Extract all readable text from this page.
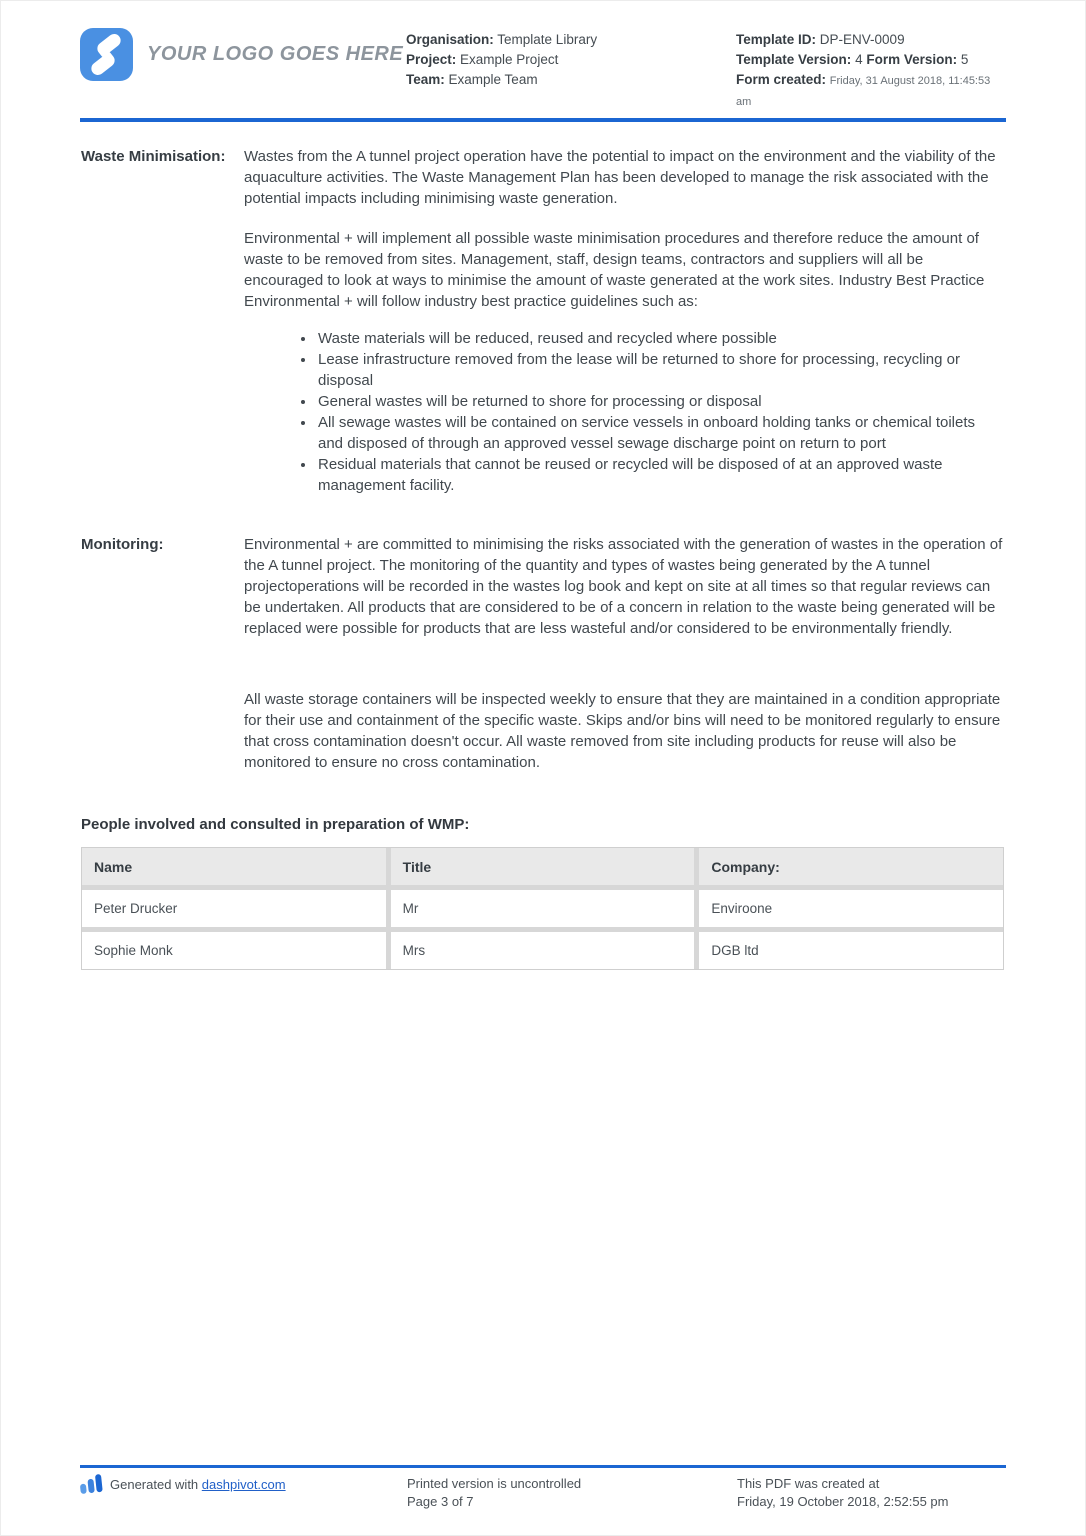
YOUR LOGO GOES HERE
Organisation: Template Library
Project: Example Project
Team: Example Team
Template ID: DP-ENV-0009
Template Version: 4 Form Version: 5
Form created: Friday, 31 August 2018, 11:45:53 am
Waste Minimisation:	Wastes from the A tunnel project operation have the potential to impact on the environment and the viability of the aquaculture activities. The Waste Management Plan has been developed to manage the risk associated with the potential impacts including minimising waste generation.

Environmental + will implement all possible waste minimisation procedures and therefore reduce the amount of waste to be removed from sites. Management, staff, design teams, contractors and suppliers will all be encouraged to look at ways to minimise the amount of waste generated at the work sites. Industry Best Practice Environmental + will follow industry best practice guidelines such as:

• Waste materials will be reduced, reused and recycled where possible
• Lease infrastructure removed from the lease will be returned to shore for processing, recycling or disposal
• General wastes will be returned to shore for processing or disposal
• All sewage wastes will be contained on service vessels in onboard holding tanks or chemical toilets and disposed of through an approved vessel sewage discharge point on return to port
• Residual materials that cannot be reused or recycled will be disposed of at an approved waste management facility.
Monitoring:	Environmental + are committed to minimising the risks associated with the generation of wastes in the operation of the A tunnel project. The monitoring of the quantity and types of wastes being generated by the A tunnel projectoperations will be recorded in the wastes log book and kept on site at all times so that regular reviews can be undertaken. All products that are considered to be of a concern in relation to the waste being generated will be replaced were possible for products that are less wasteful and/or considered to be environmentally friendly.

All waste storage containers will be inspected weekly to ensure that they are maintained in a condition appropriate for their use and containment of the specific waste. Skips and/or bins will need to be monitored regularly to ensure that cross contamination doesn't occur. All waste removed from site including products for reuse will also be monitored to ensure no cross contamination.

People involved and consulted in preparation of WMP:
Name	Title	Company:
Peter Drucker	Mr	Enviroone
Sophie Monk	Mrs	DGB ltd
Generated with dashpivot.com	Printed version is uncontrolled
Page 3 of 7
This PDF was created at
Friday, 19 October 2018, 2:52:55 pm
